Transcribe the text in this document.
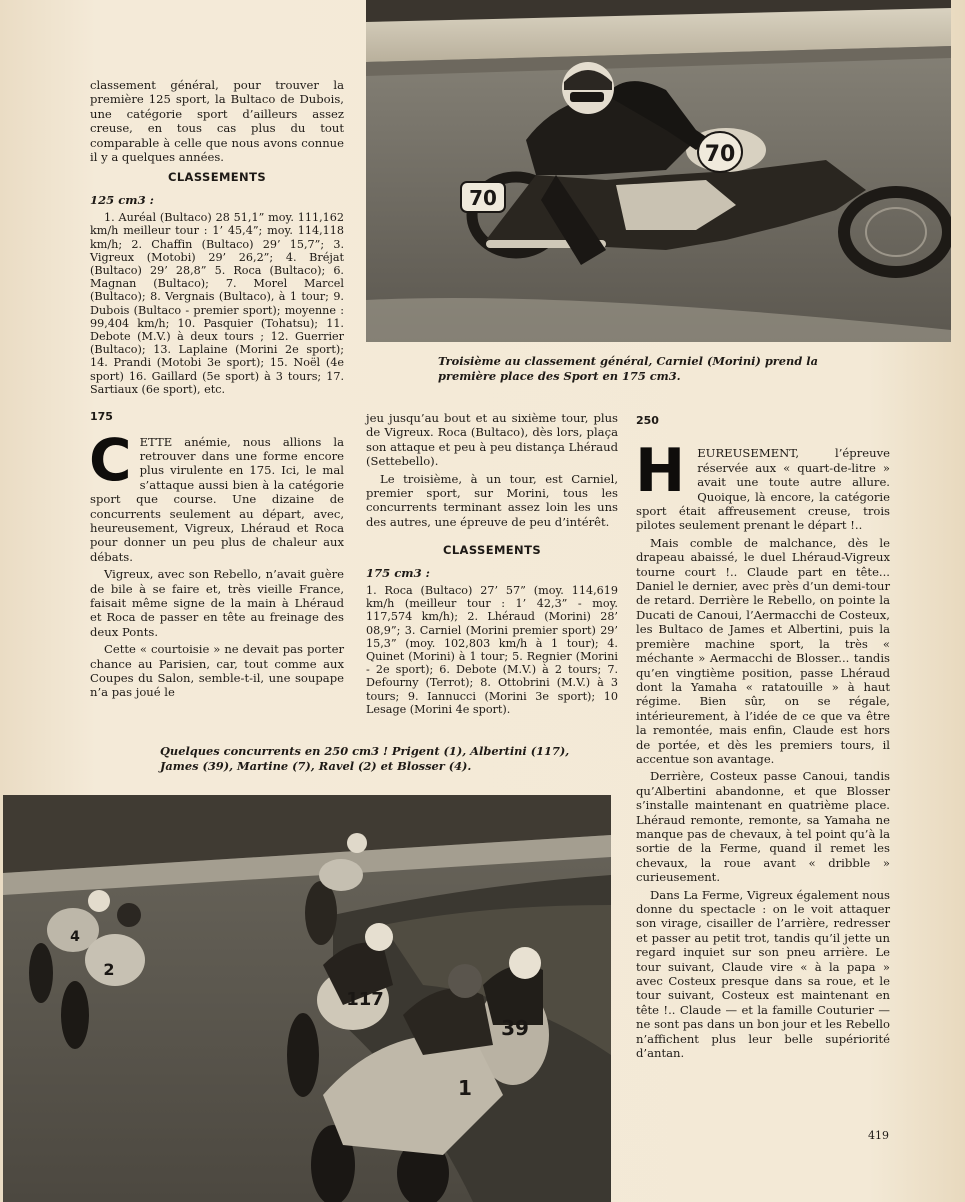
70
70

classement général, pour trouver la première 125 sport, la Bultaco de Dubois, une catégorie sport d’ailleurs assez creuse, en tous cas plus du tout comparable à celle que nous avons connue il y a quelques années.

CLASSEMENTS
125 cm3 :

1. Auréal (Bultaco) 28 51,1” moy. 111,162 km/h meilleur tour : 1’ 45,4”; moy. 114,118 km/h; 2. Chaffin (Bultaco) 29’ 15,7”; 3. Vigreux (Motobi) 29’ 26,2”; 4. Bréjat (Bultaco) 29’ 28,8” 5. Roca (Bultaco); 6. Magnan (Bultaco); 7. Morel Marcel (Bultaco); 8. Vergnais (Bultaco), à 1 tour; 9. Dubois (Bultaco - premier sport); moyenne : 99,404 km/h; 10. Pasquier (Tohatsu); 11. Debote (M.V.) à deux tours ; 12. Guerrier (Bultaco); 13. Laplaine (Morini 2e sport); 14. Prandi (Motobi 3e sport); 15. Noël (4e sport) 16. Gaillard (5e sport) à 3 tours; 17. Sartiaux (6e sport), etc.

175

CETTE anémie, nous allions la retrouver dans une forme encore plus virulente en 175. Ici, le mal s’attaque aussi bien à la catégorie sport que course. Une dizaine de concurrents seulement au départ, avec, heureusement, Vigreux, Lhéraud et Roca pour donner un peu plus de chaleur aux débats.

Vigreux, avec son Rebello, n’avait guère de bile à se faire et, très vieille France, faisait même signe de la main à Lhéraud et Roca de passer en tête au freinage des deux Ponts.

Cette « courtoisie » ne devait pas porter chance au Parisien, car, tout comme aux Coupes du Salon, semble-t-il, une soupape n’a pas joué le

Troisième au classement général, Carniel (Morini) prend la première place des Sport en 175 cm3.

jeu jusqu’au bout et au sixième tour, plus de Vigreux. Roca (Bultaco), dès lors, plaça son attaque et peu à peu distança Lhéraud (Settebello).

Le troisième, à un tour, est Carniel, premier sport, sur Morini, tous les concurrents terminant assez loin les uns des autres, une épreuve de peu d’intérêt.

CLASSEMENTS
175 cm3 :

1. Roca (Bultaco) 27’ 57” (moy. 114,619 km/h (meilleur tour : 1’ 42,3” - moy. 117,574 km/h); 2. Lhéraud (Morini) 28’ 08,9”; 3. Carniel (Morini premier sport) 29’ 15,3” (moy. 102,803 km/h à 1 tour); 4. Quinet (Morini) à 1 tour; 5. Regnier (Morini - 2e sport); 6. Debote (M.V.) à 2 tours; 7. Defourny (Terrot); 8. Ottobrini (M.V.) à 3 tours; 9. Iannucci (Morini 3e sport); 10 Lesage (Morini 4e sport).

250

H EUREUSEMENT, l’épreuve réservée aux « quart-de-litre » avait une toute autre allure. Quoique, là encore, la catégorie sport était affreusement creuse, trois pilotes seulement prenant le départ !..

Mais comble de malchance, dès le drapeau abaissé, le duel Lhéraud-Vigreux tourne court !.. Claude part en tête... Daniel le dernier, avec près d’un demi-tour de retard. Derrière le Rebello, on pointe la Ducati de Canoui, l’Aermacchi de Costeux, les Bultaco de James et Albertini, puis la première machine sport, la très « méchante » Aermacchi de Blosser... tandis qu’en vingtième position, passe Lhéraud dont la Yamaha « ratatouille » à haut régime. Bien sûr, on se régale, intérieurement, à l’idée de ce que va être la remontée, mais enfin, Claude est hors de portée, et dès les premiers tours, il accentue son avantage.

Derrière, Costeux passe Canoui, tandis qu’Albertini abandonne, et que Blosser s’installe maintenant en quatrième place. Lhéraud remonte, remonte, sa Yamaha ne manque pas de chevaux, à tel point qu’à la sortie de la Ferme, quand il remet les chevaux, la roue avant « dribble » curieusement.

Dans La Ferme, Vigreux également nous donne du spectacle : on le voit attaquer son virage, cisailler de l’arrière, redresser et passer au petit trot, tandis qu’il jette un regard inquiet sur son pneu arrière. Le tour suivant, Claude vire « à la papa » avec Costeux presque dans sa roue, et le tour suivant, Costeux est maintenant en tête !.. Claude — et la famille Couturier — ne sont pas dans un bon jour et les Rebello n’affichent plus leur belle supériorité d’antan.

Quelques concurrents en 250 cm3 ! Prigent (1), Albertini (117), James (39), Martine (7), Ravel (2) et Blosser (4).
4
2
117
39
1
419
